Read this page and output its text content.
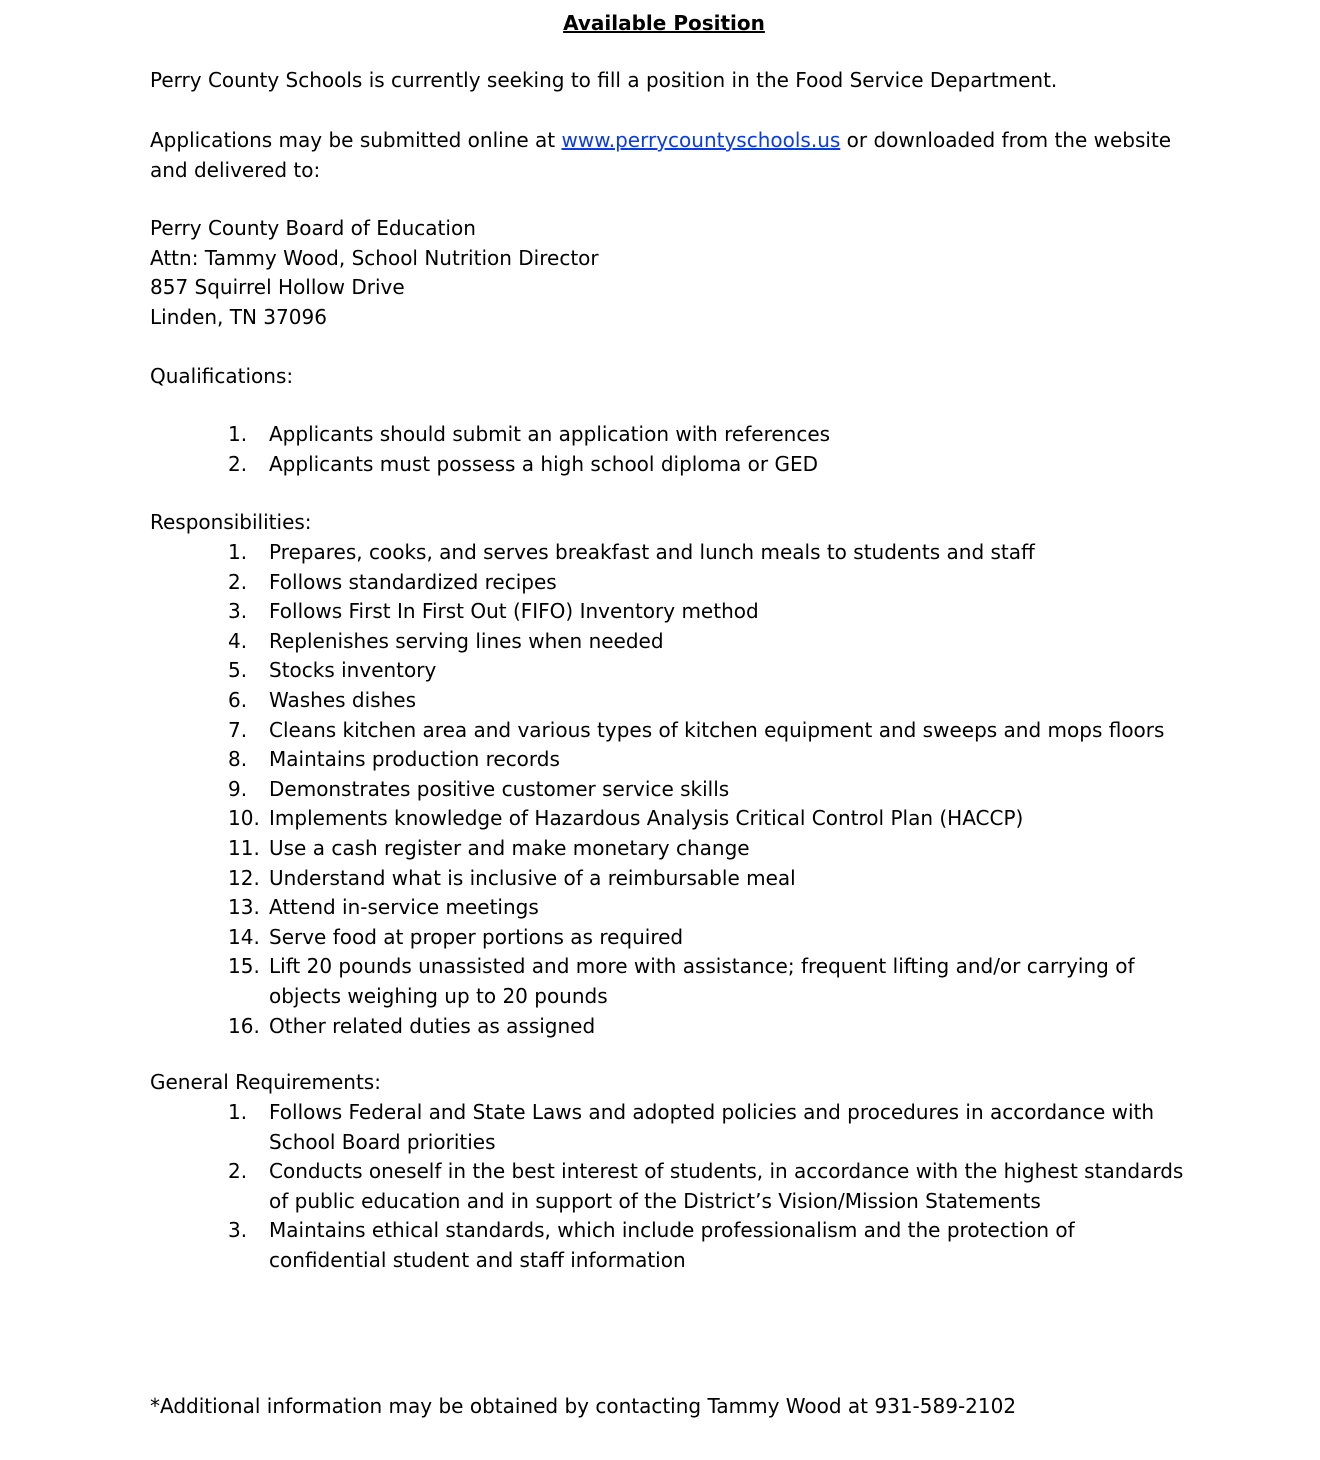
Available Position

Perry County Schools is currently seeking to fill a position in the Food Service Department.

Applications may be submitted online at www.perrycountyschools.us or downloaded from the website
and delivered to:

Perry County Board of Education
Attn: Tammy Wood, School Nutrition Director
857 Squirrel Hollow Drive
Linden, TN 37096

Qualifications:

1. Applicants should submit an application with references
2. Applicants must possess a high school diploma or GED

Responsibilities:

1. Prepares, cooks, and serves breakfast and lunch meals to students and staff
2. Follows standardized recipes
3. Follows First In First Out (FIFO) Inventory method
4. Replenishes serving lines when needed
5. Stocks inventory
6. Washes dishes
7. Cleans kitchen area and various types of kitchen equipment and sweeps and mops floors
8. Maintains production records
9. Demonstrates positive customer service skills
10. Implements knowledge of Hazardous Analysis Critical Control Plan (HACCP)
11. Use a cash register and make monetary change
12. Understand what is inclusive of a reimbursable meal
13. Attend in-service meetings
14. Serve food at proper portions as required
15. Lift 20 pounds unassisted and more with assistance; frequent lifting and/or carrying of
objects weighing up to 20 pounds
16. Other related duties as assigned

General Requirements:

1. Follows Federal and State Laws and adopted policies and procedures in accordance with
School Board priorities
2. Conducts oneself in the best interest of students, in accordance with the highest standards
of public education and in support of the District’s Vision/Mission Statements
3. Maintains ethical standards, which include professionalism and the protection of
confidential student and staff information

*Additional information may be obtained by contacting Tammy Wood at 931-589-2102
